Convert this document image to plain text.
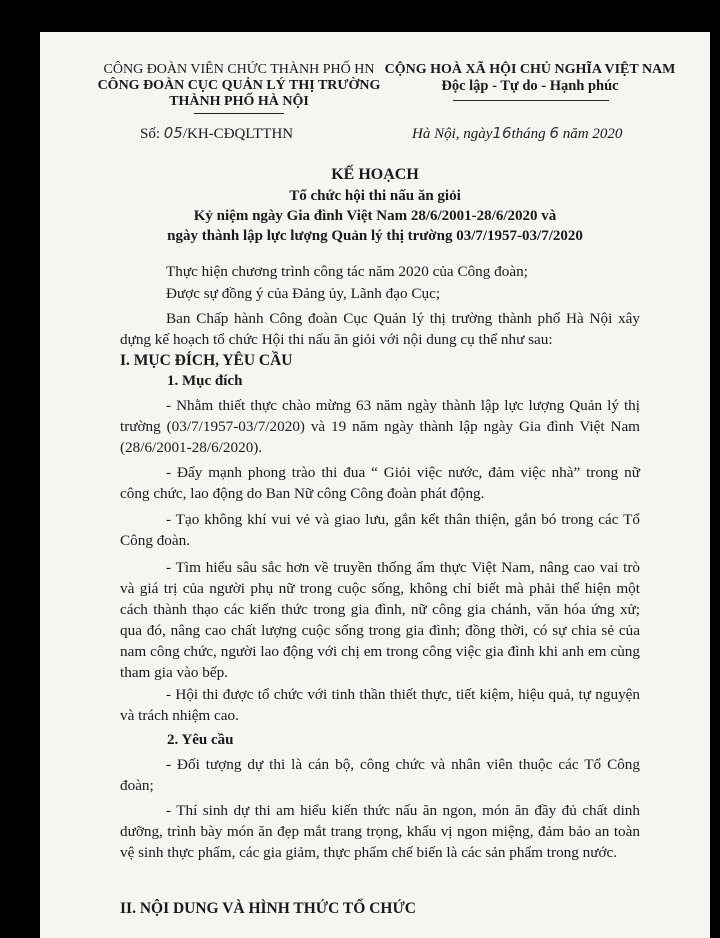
CÔNG ĐOÀN VIÊN CHỨC THÀNH PHỐ HN
CÔNG ĐOÀN CỤC QUẢN LÝ THỊ TRƯỜNG
THÀNH PHỐ HÀ NỘI
CỘNG HOÀ XÃ HỘI CHỦ NGHĨA VIỆT NAM
Độc lập - Tự do - Hạnh phúc
Số: 05/KH-CĐQLTTHN	Hà Nội, ngày16tháng 6 năm 2020
KẾ HOẠCH
Tổ chức hội thi nấu ăn giỏi
Kỷ niệm ngày Gia đình Việt Nam 28/6/2001-28/6/2020 và
ngày thành lập lực lượng Quản lý thị trường 03/7/1957-03/7/2020
Thực hiện chương trình công tác năm 2020 của Công đoàn;
Được sự đồng ý của Đảng ủy, Lãnh đạo Cục;
Ban Chấp hành Công đoàn Cục Quản lý thị trường thành phố Hà Nội xây dựng kế hoạch tổ chức Hội thi nấu ăn giỏi với nội dung cụ thể như sau:
I. MỤC ĐÍCH, YÊU CẦU
1. Mục đích
- Nhằm thiết thực chào mừng 63 năm ngày thành lập lực lượng Quản lý thị trường (03/7/1957-03/7/2020) và 19 năm ngày thành lập ngày Gia đình Việt Nam (28/6/2001-28/6/2020).
- Đẩy mạnh phong trào thi đua “ Giỏi việc nước, đảm việc nhà” trong nữ công chức, lao động do Ban Nữ công Công đoàn phát động.
- Tạo không khí vui vẻ và giao lưu, gắn kết thân thiện, gắn bó trong các Tổ Công đoàn.
- Tìm hiểu sâu sắc hơn về truyền thống ẩm thực Việt Nam, nâng cao vai trò và giá trị của người phụ nữ trong cuộc sống, không chỉ biết mà phải thể hiện một cách thành thạo các kiến thức trong gia đình, nữ công gia chánh, văn hóa ứng xử; qua đó, nâng cao chất lượng cuộc sống trong gia đình; đồng thời, có sự chia sẻ của nam công chức, người lao động với chị em trong công việc gia đình khi anh em cùng tham gia vào bếp.
- Hội thi được tổ chức với tinh thần thiết thực, tiết kiệm, hiệu quả, tự nguyện và trách nhiệm cao.
2. Yêu cầu
- Đối tượng dự thi là cán bộ, công chức và nhân viên thuộc các Tổ Công đoàn;
- Thí sinh dự thi am hiểu kiến thức nấu ăn ngon, món ăn đầy đủ chất dinh dưỡng, trình bày món ăn đẹp mắt trang trọng, khẩu vị ngon miệng, đảm bảo an toàn vệ sinh thực phẩm, các gia giảm, thực phẩm chế biến là các sản phẩm trong nước.
II. NỘI DUNG VÀ HÌNH THỨC TỔ CHỨC
